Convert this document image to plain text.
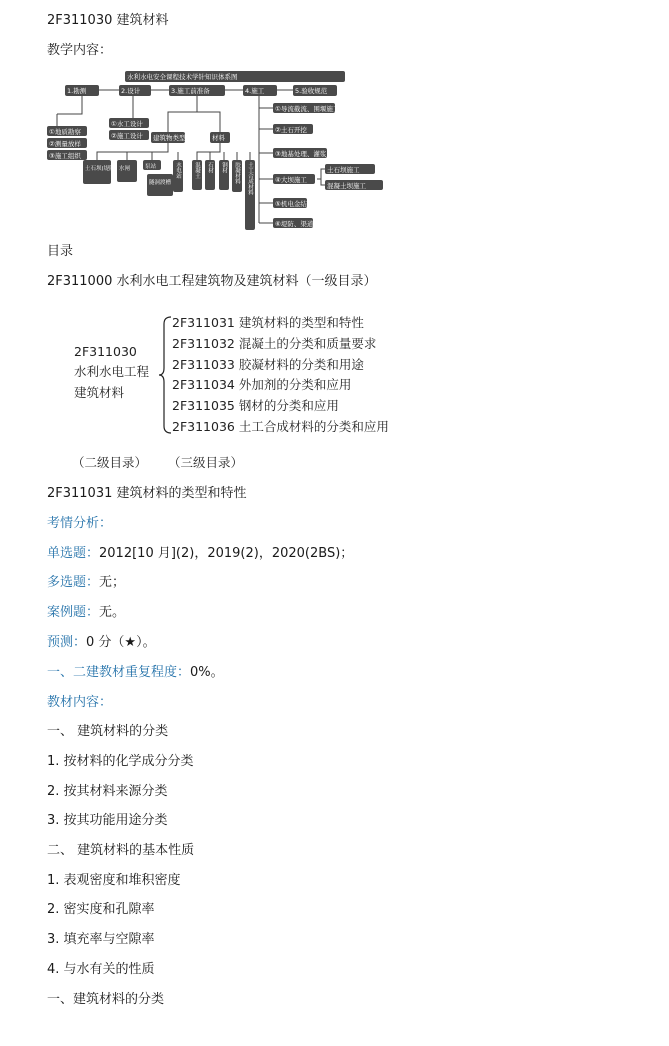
2F311030 建筑材料
教学内容：
水利水电安全课程技术学针知识体系图
1.勘测	2.设计	3.施工前准备	4.施工	5.验收规范
①地质勘察
②测量放样
③施工组织
①水工设计
②施工设计 建筑物类型	材料
①导流截流、围堰施工
②土石开挖
③地基处理、灌浆
④大坝施工
土石坝施工
混凝土坝施工
⑤机电金结
⑥堤防、渠道
土石坝(堤防) 水闸	泵站
隧洞渡槽
水电站 混凝土 石材 钢材 胶凝材料 土工合成材料
目录
2F311000 水利水电工程建筑物及建筑材料（一级目录）
2F311030
水利水电工程
建筑材料
2F311031 建筑材料的类型和特性
2F311032 混凝土的分类和质量要求
2F311033 胶凝材料的分类和用途
2F311034 外加剂的分类和应用
2F311035 钢材的分类和应用
2F311036 土工合成材料的分类和应用
（二级目录） （三级目录）
2F311031 建筑材料的类型和特性
考情分析：
单选题：2012[10 月](2)，2019(2)，2020(2BS)；
多选题：无；
案例题：无。
预测：0 分（★）。
一、二建教材重复程度：0%。
教材内容：
一、 建筑材料的分类
1. 按材料的化学成分分类
2. 按其材料来源分类
3. 按其功能用途分类
二、 建筑材料的基本性质
1. 表观密度和堆积密度
2. 密实度和孔隙率
3. 填充率与空隙率
4. 与水有关的性质
一、建筑材料的分类
